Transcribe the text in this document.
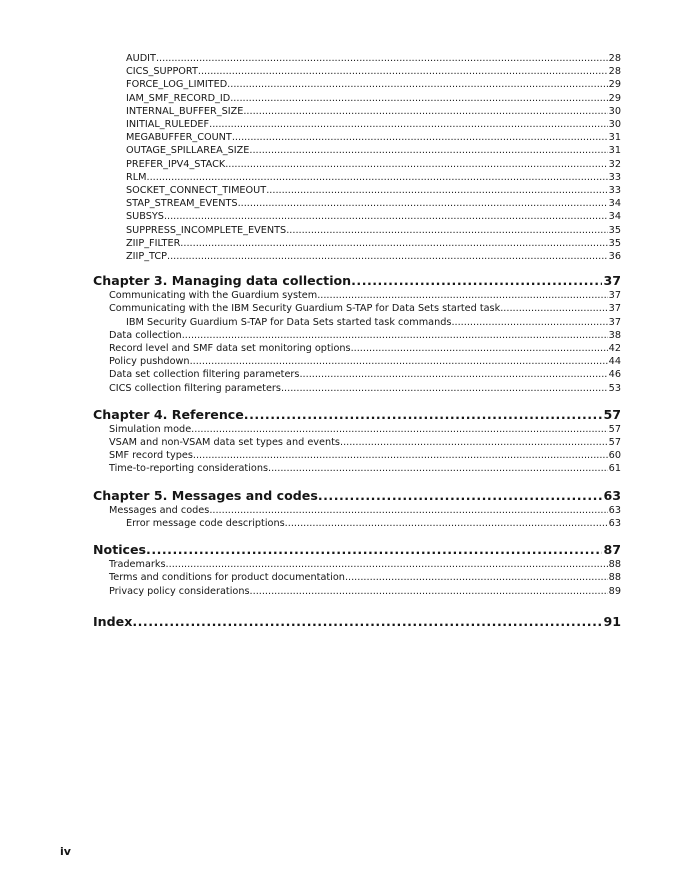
AUDIT .....	28
CICS_SUPPORT .....	28
FORCE_LOG_LIMITED .....	29
IAM_SMF_RECORD_ID .....	29
INTERNAL_BUFFER_SIZE .....	30
INITIAL_RULEDEF .....	30
MEGABUFFER_COUNT .....	31
OUTAGE_SPILLAREA_SIZE .....	31
PREFER_IPV4_STACK .....	32
RLM .....	33
SOCKET_CONNECT_TIMEOUT .....	33
STAP_STREAM_EVENTS .....	34
SUBSYS .....	34
SUPPRESS_INCOMPLETE_EVENTS .....	35
ZIIP_FILTER .....	35
ZIIP_TCP .....	36
Chapter 3. Managing data collection .....	37
Communicating with the Guardium system .....	37
Communicating with the IBM Security Guardium S-TAP for Data Sets started task .....	37
IBM Security Guardium S-TAP for Data Sets started task commands .....	37
Data collection .....	38
Record level and SMF data set monitoring options .....	42
Policy pushdown .....	44
Data set collection filtering parameters .....	46
CICS collection filtering parameters .....	53
Chapter 4. Reference .....	57
Simulation mode .....	57
VSAM and non-VSAM data set types and events .....	57
SMF record types .....	60
Time-to-reporting considerations .....	61
Chapter 5. Messages and codes .....	63
Messages and codes .....	63
Error message code descriptions .....	63
Notices .....	87
Trademarks .....	88
Terms and conditions for product documentation .....	88
Privacy policy considerations .....	89
Index .....	91
iv
